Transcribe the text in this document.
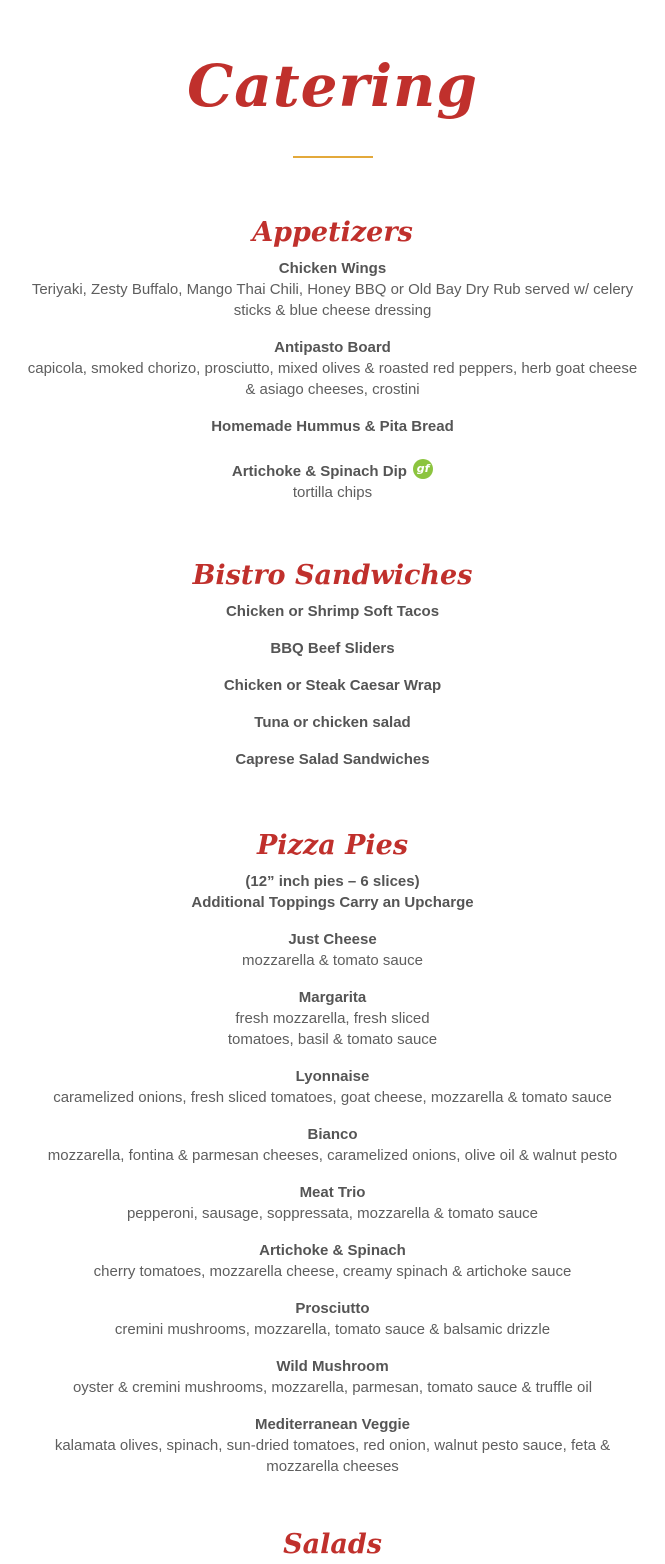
Catering
Appetizers
Chicken Wings
Teriyaki, Zesty Buffalo, Mango Thai Chili, Honey BBQ or Old Bay Dry Rub served w/ celery sticks & blue cheese dressing
Antipasto Board
capicola, smoked chorizo, prosciutto, mixed olives & roasted red peppers, herb goat cheese & asiago cheeses, crostini
Homemade Hummus & Pita Bread
Artichoke & Spinach Dip gf
tortilla chips
Bistro Sandwiches
Chicken or Shrimp Soft Tacos
BBQ Beef Sliders
Chicken or Steak Caesar Wrap
Tuna or chicken salad
Caprese Salad Sandwiches
Pizza Pies
(12” inch pies – 6 slices)
Additional Toppings Carry an Upcharge
Just Cheese
mozzarella & tomato sauce
Margarita
fresh mozzarella, fresh sliced
tomatoes, basil & tomato sauce
Lyonnaise
caramelized onions, fresh sliced tomatoes, goat cheese, mozzarella & tomato sauce
Bianco
mozzarella, fontina & parmesan cheeses, caramelized onions, olive oil & walnut pesto
Meat Trio
pepperoni, sausage, soppressata, mozzarella & tomato sauce
Artichoke & Spinach
cherry tomatoes, mozzarella cheese, creamy spinach & artichoke sauce
Prosciutto
cremini mushrooms, mozzarella, tomato sauce & balsamic drizzle
Wild Mushroom
oyster & cremini mushrooms, mozzarella, parmesan, tomato sauce & truffle oil
Mediterranean Veggie
kalamata olives, spinach, sun-dried tomatoes, red onion, walnut pesto sauce, feta & mozzarella cheeses
Salads
